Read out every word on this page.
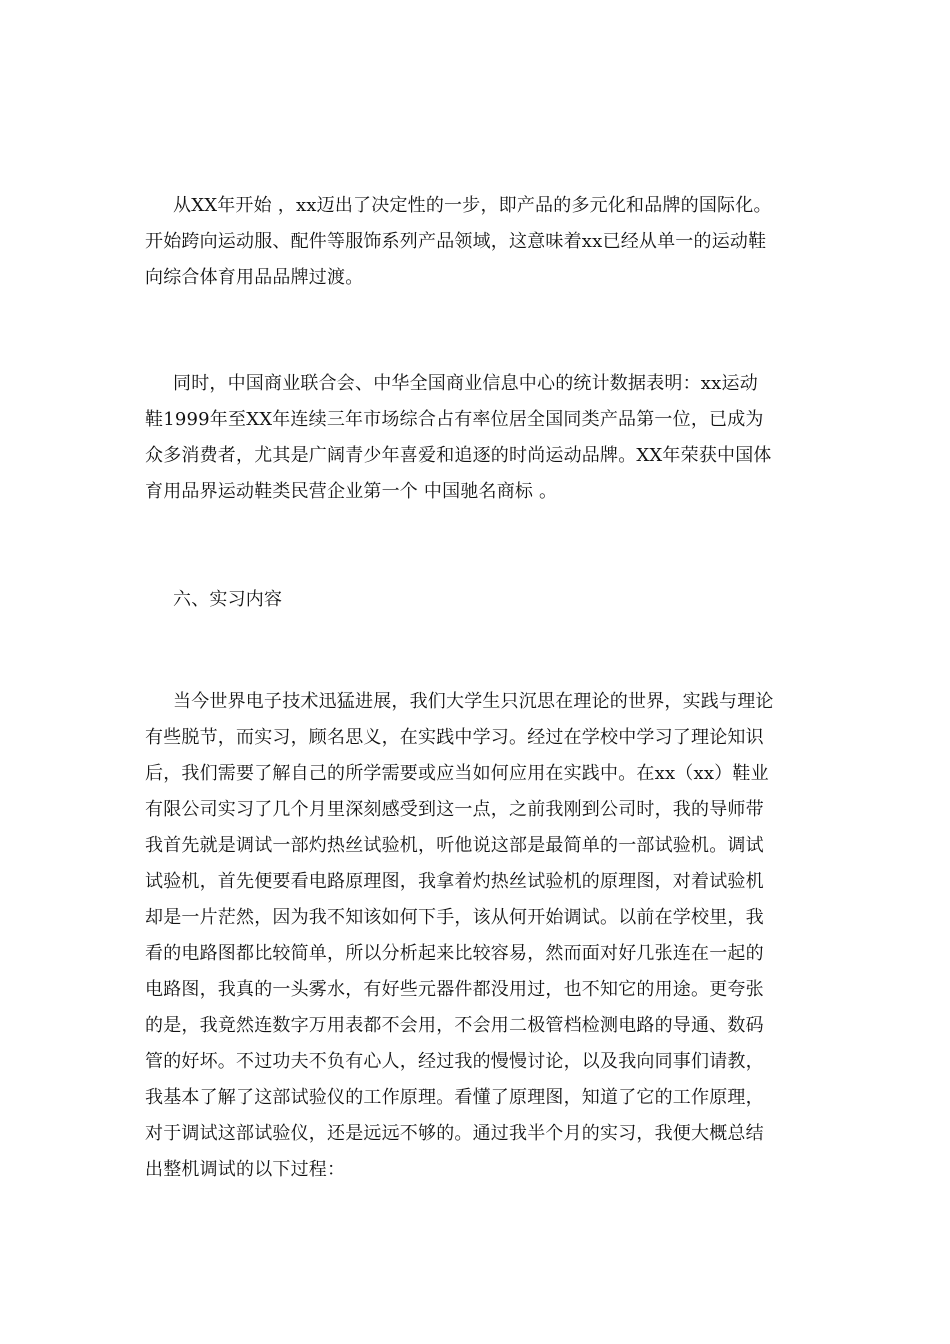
从XX年开始 ，xx迈出了决定性的一步，即产品的多元化和品牌的国际化。
开始跨向运动服、配件等服饰系列产品领域，这意味着xx已经从单一的运动鞋
向综合体育用品品牌过渡。
同时，中国商业联合会、中华全国商业信息中心的统计数据表明：xx运动
鞋1999年至XX年连续三年市场综合占有率位居全国同类产品第一位，已成为
众多消费者，尤其是广阔青少年喜爱和追逐的时尚运动品牌。XX年荣获中国体
育用品界运动鞋类民营企业第一个 中国驰名商标 。
六、实习内容
当今世界电子技术迅猛进展，我们大学生只沉思在理论的世界，实践与理论
有些脱节，而实习，顾名思义，在实践中学习。经过在学校中学习了理论知识
后，我们需要了解自己的所学需要或应当如何应用在实践中。在xx（xx）鞋业
有限公司实习了几个月里深刻感受到这一点，之前我刚到公司时，我的导师带
我首先就是调试一部灼热丝试验机，听他说这部是最简单的一部试验机。调试
试验机，首先便要看电路原理图，我拿着灼热丝试验机的原理图，对着试验机
却是一片茫然，因为我不知该如何下手，该从何开始调试。以前在学校里，我
看的电路图都比较简单，所以分析起来比较容易，然而面对好几张连在一起的
电路图，我真的一头雾水，有好些元器件都没用过，也不知它的用途。更夸张
的是，我竟然连数字万用表都不会用，不会用二极管档检测电路的导通、数码
管的好坏。不过功夫不负有心人，经过我的慢慢讨论，以及我向同事们请教，
我基本了解了这部试验仪的工作原理。看懂了原理图，知道了它的工作原理，
对于调试这部试验仪，还是远远不够的。通过我半个月的实习，我便大概总结
出整机调试的以下过程：
